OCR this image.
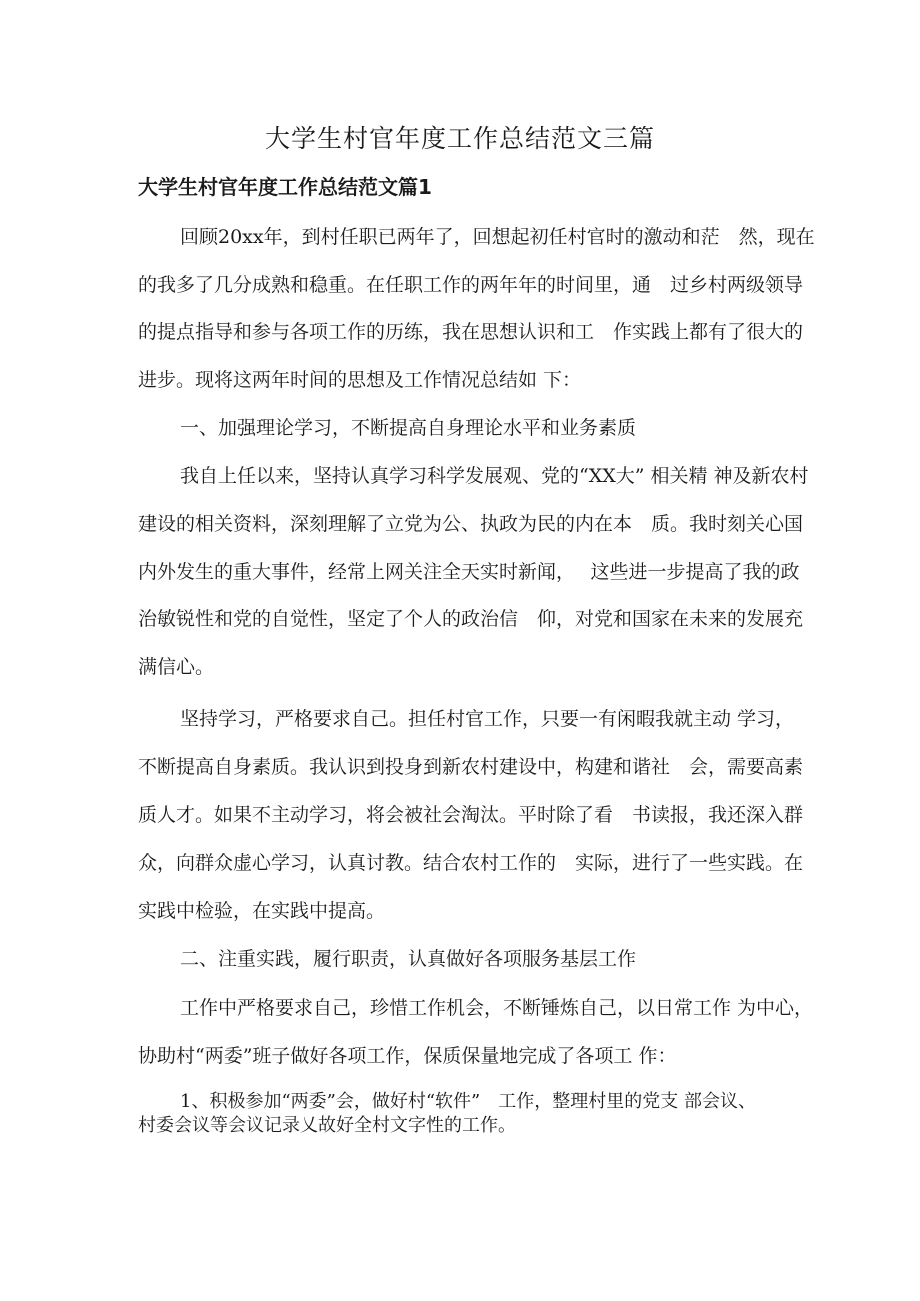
大学生村官年度工作总结范文三篇
大学生村官年度工作总结范文篇1
回顾20xx年，到村任职已两年了，回想起初任村官时的激动和茫　然，现在
的我多了几分成熟和稳重。在任职工作的两年年的时间里，通　过乡村两级领导
的提点指导和参与各项工作的历练，我在思想认识和工　作实践上都有了很大的
进步。现将这两年时间的思想及工作情况总结如 下：
一、加强理论学习，不断提高自身理论水平和业务素质
我自上任以来，坚持认真学习科学发展观、党的“XX大” 相关精 神及新农村
建设的相关资料，深刻理解了立党为公、执政为民的内在本　质。我时刻关心国
内外发生的重大事件，经常上网关注全天实时新闻，　 这些进一步提高了我的政
治敏锐性和党的自觉性，坚定了个人的政治信　仰，对党和国家在未来的发展充
满信心。
坚持学习，严格要求自己。担任村官工作，只要一有闲暇我就主动 学习，
不断提高自身素质。我认识到投身到新农村建设中，构建和谐社　会，需要高素
质人才。如果不主动学习，将会被社会淘汰。平时除了看　书读报，我还深入群
众，向群众虚心学习，认真讨教。结合农村工作的　实际，进行了一些实践。在
实践中检验，在实践中提高。
二、注重实践，履行职责，认真做好各项服务基层工作
工作中严格要求自己，珍惜工作机会，不断锤炼自己，以日常工作 为中心，
协助村“两委”班子做好各项工作，保质保量地完成了各项工 作：
1、积极参加“两委”会，做好村“软件”　工作，整理村里的党支 部会议、
村委会议等会议记录乂故好全村文字性的工作。
